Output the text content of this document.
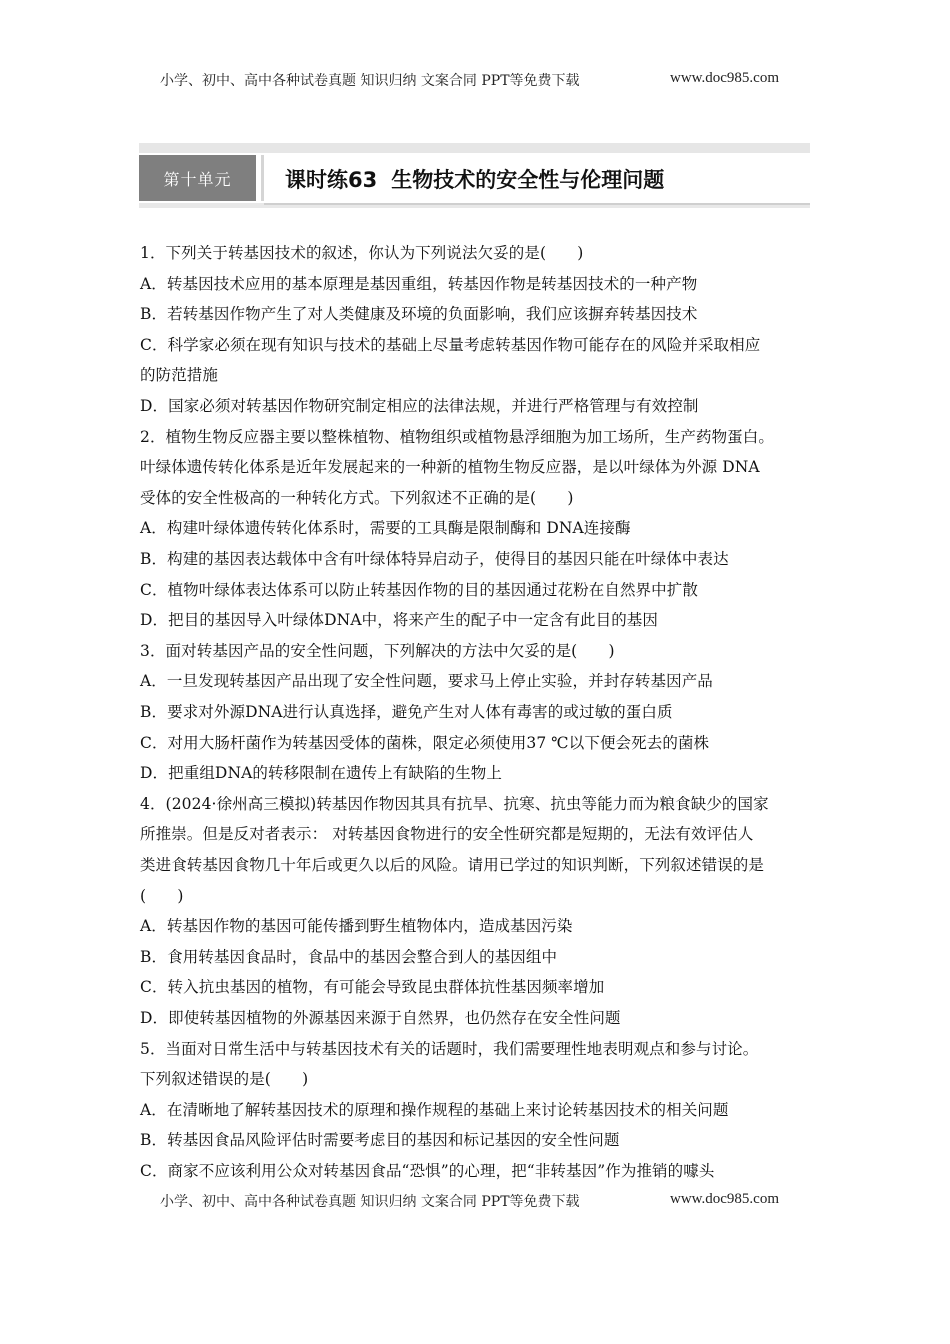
小学、初中、高中各种试卷真题 知识归纳 文案合同 PPT等免费下载	www.doc985.com
第十单元	课时练63 生物技术的安全性与伦理问题
1．下列关于转基因技术的叙述，你认为下列说法欠妥的是(　　)
A．转基因技术应用的基本原理是基因重组，转基因作物是转基因技术的一种产物
B．若转基因作物产生了对人类健康及环境的负面影响，我们应该摒弃转基因技术
C．科学家必须在现有知识与技术的基础上尽量考虑转基因作物可能存在的风险并采取相应
的防范措施
D．国家必须对转基因作物研究制定相应的法律法规，并进行严格管理与有效控制
2．植物生物反应器主要以整株植物、植物组织或植物悬浮细胞为加工场所，生产药物蛋白。
叶绿体遗传转化体系是近年发展起来的一种新的植物生物反应器，是以叶绿体为外源 DNA
受体的安全性极高的一种转化方式。下列叙述不正确的是(　　)
A．构建叶绿体遗传转化体系时，需要的工具酶是限制酶和 DNA连接酶
B．构建的基因表达载体中含有叶绿体特异启动子，使得目的基因只能在叶绿体中表达
C．植物叶绿体表达体系可以防止转基因作物的目的基因通过花粉在自然界中扩散
D．把目的基因导入叶绿体DNA中，将来产生的配子中一定含有此目的基因
3．面对转基因产品的安全性问题，下列解决的方法中欠妥的是(　　)
A．一旦发现转基因产品出现了安全性问题，要求马上停止实验，并封存转基因产品
B．要求对外源DNA进行认真选择，避免产生对人体有毒害的或过敏的蛋白质
C．对用大肠杆菌作为转基因受体的菌株，限定必须使用37 ℃以下便会死去的菌株
D．把重组DNA的转移限制在遗传上有缺陷的生物上
4．(2024·徐州高三模拟)转基因作物因其具有抗旱、抗寒、抗虫等能力而为粮食缺少的国家
所推崇。但是反对者表示： 对转基因食物进行的安全性研究都是短期的，无法有效评估人
类进食转基因食物几十年后或更久以后的风险。请用已学过的知识判断，下列叙述错误的是
(　　)
A．转基因作物的基因可能传播到野生植物体内，造成基因污染
B．食用转基因食品时，食品中的基因会整合到人的基因组中
C．转入抗虫基因的植物，有可能会导致昆虫群体抗性基因频率增加
D．即使转基因植物的外源基因来源于自然界，也仍然存在安全性问题
5．当面对日常生活中与转基因技术有关的话题时，我们需要理性地表明观点和参与讨论。
下列叙述错误的是(　　)
A．在清晰地了解转基因技术的原理和操作规程的基础上来讨论转基因技术的相关问题
B．转基因食品风险评估时需要考虑目的基因和标记基因的安全性问题
C．商家不应该利用公众对转基因食品“恐惧”的心理，把“非转基因”作为推销的噱头
小学、初中、高中各种试卷真题 知识归纳 文案合同 PPT等免费下载	www.doc985.com
